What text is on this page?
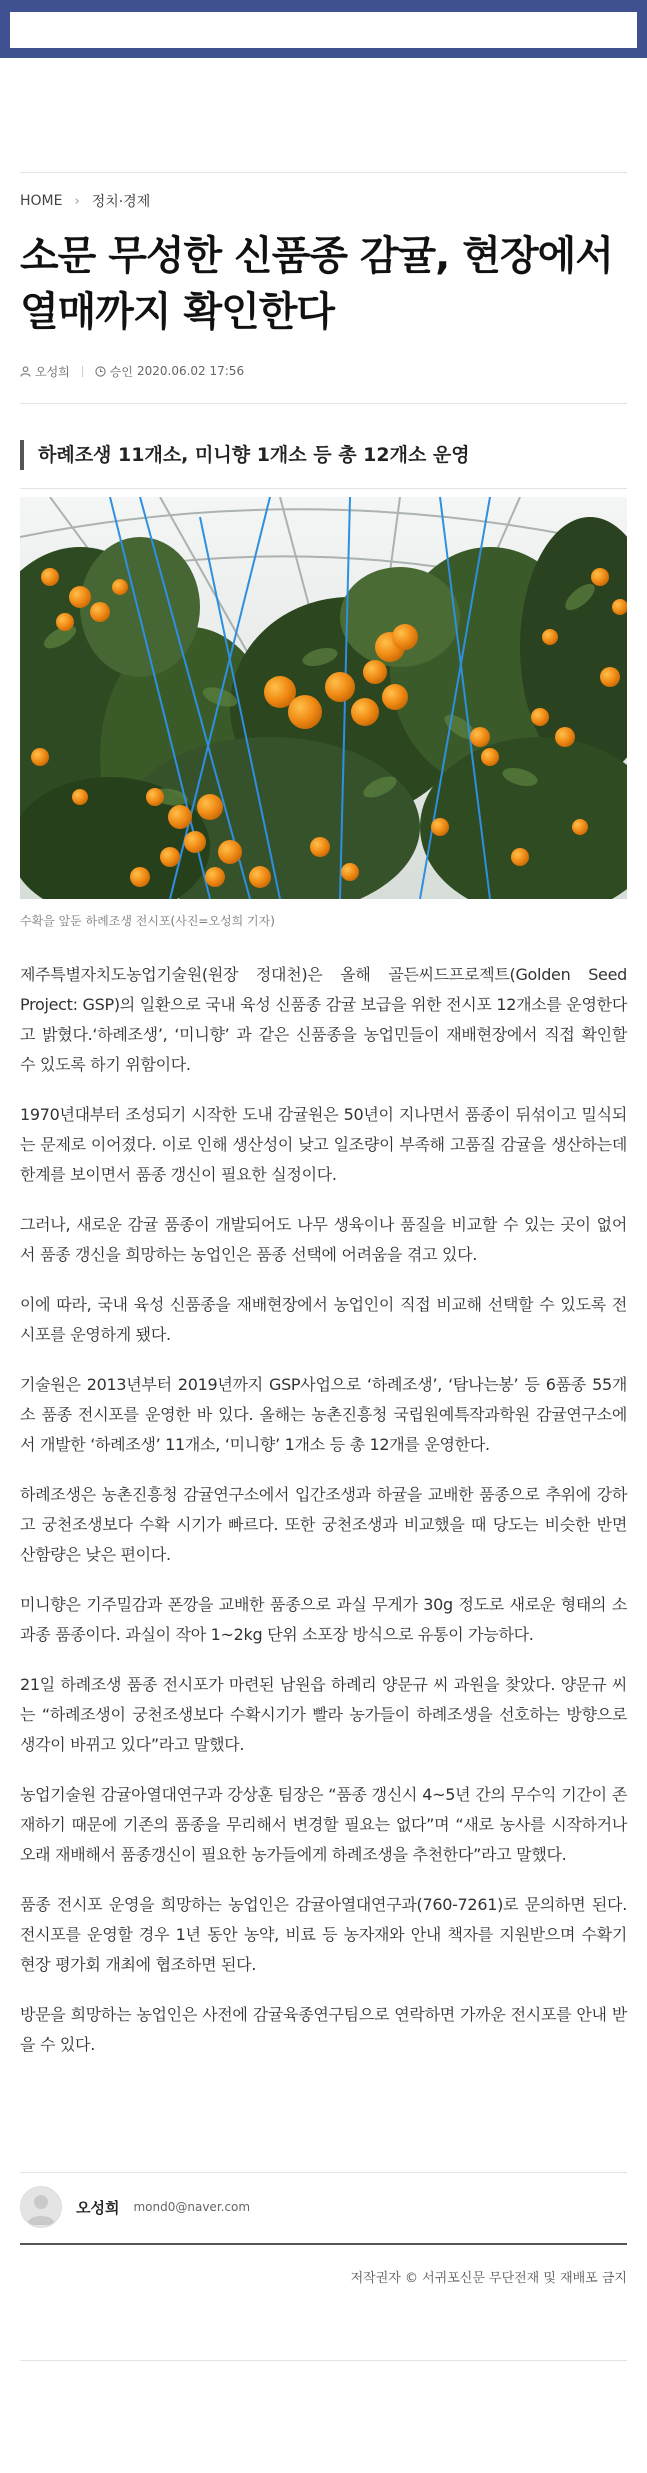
HOME › 정치·경제
소문 무성한 신품종 감귤, 현장에서 열매까지 확인한다
오성희	승인 2020.06.02 17:56
하례조생 11개소, 미니향 1개소 등 총 12개소 운영
수확을 앞둔 하례조생 전시포(사진=오성희 기자)

제주특별자치도농업기술원(원장 정대천)은 올해 골든씨드프로젝트(Golden Seed Project: GSP)의 일환으로 국내 육성 신품종 감귤 보급을 위한 전시포 12개소를 운영한다고 밝혔다.‘하례조생’, ‘미니향’ 과 같은 신품종을 농업민들이 재배현장에서 직접 확인할 수 있도록 하기 위함이다.

1970년대부터 조성되기 시작한 도내 감귤원은 50년이 지나면서 품종이 뒤섞이고 밀식되는 문제로 이어졌다. 이로 인해 생산성이 낮고 일조량이 부족해 고품질 감귤을 생산하는데 한계를 보이면서 품종 갱신이 필요한 실정이다.

그러나, 새로운 감귤 품종이 개발되어도 나무 생육이나 품질을 비교할 수 있는 곳이 없어서 품종 갱신을 희망하는 농업인은 품종 선택에 어려움을 겪고 있다.

이에 따라, 국내 육성 신품종을 재배현장에서 농업인이 직접 비교해 선택할 수 있도록 전시포를 운영하게 됐다.

기술원은 2013년부터 2019년까지 GSP사업으로 ‘하례조생’, ‘탐나는봉’ 등 6품종 55개소 품종 전시포를 운영한 바 있다. 올해는 농촌진흥청 국립원예특작과학원 감귤연구소에서 개발한 ‘하례조생’ 11개소, ‘미니향’ 1개소 등 총 12개를 운영한다.

하례조생은 농촌진흥청 감귤연구소에서 입간조생과 하귤을 교배한 품종으로 추위에 강하고 궁천조생보다 수확 시기가 빠르다. 또한 궁천조생과 비교했을 때 당도는 비슷한 반면 산함량은 낮은 편이다.

미니향은 기주밀감과 폰깡을 교배한 품종으로 과실 무게가 30g 정도로 새로운 형태의 소과종 품종이다. 과실이 작아 1~2kg 단위 소포장 방식으로 유통이 가능하다.

21일 하례조생 품종 전시포가 마련된 남원읍 하례리 양문규 씨 과원을 찾았다. 양문규 씨는 “하례조생이 궁천조생보다 수확시기가 빨라 농가들이 하례조생을 선호하는 방향으로 생각이 바뀌고 있다”라고 말했다.

농업기술원 감귤아열대연구과 강상훈 팀장은 “품종 갱신시 4~5년 간의 무수익 기간이 존재하기 때문에 기존의 품종을 무리해서 변경할 필요는 없다”며 “새로 농사를 시작하거나 오래 재배해서 품종갱신이 필요한 농가들에게 하례조생을 추천한다”라고 말했다.

품종 전시포 운영을 희망하는 농업인은 감귤아열대연구과(760-7261)로 문의하면 된다. 전시포를 운영할 경우 1년 동안 농약, 비료 등 농자재와 안내 책자를 지원받으며 수확기 현장 평가회 개최에 협조하면 된다.

방문을 희망하는 농업인은 사전에 감귤육종연구팀으로 연락하면 가까운 전시포를 안내 받을 수 있다.

오성희 mond0@naver.com
저작권자 © 서귀포신문 무단전재 및 재배포 금지
